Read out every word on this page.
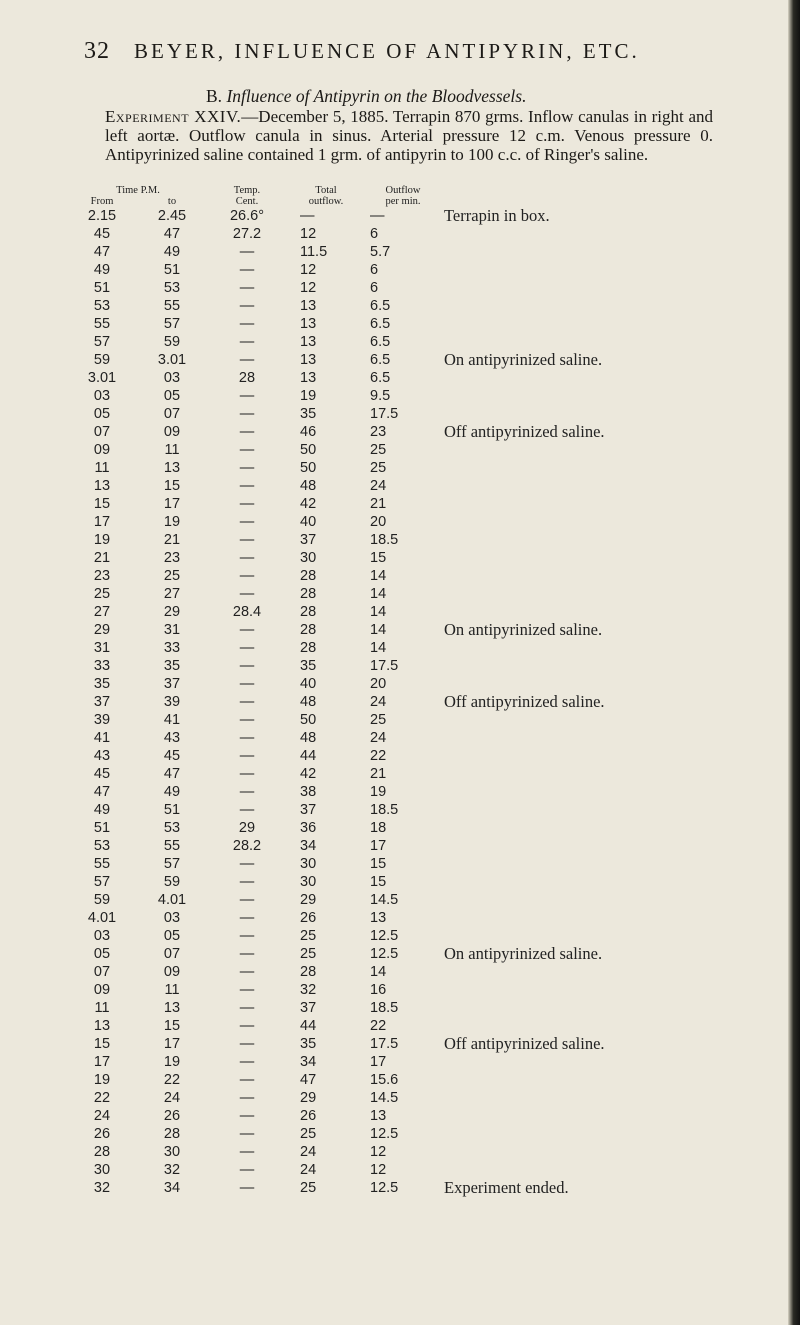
32 BEYER, INFLUENCE OF ANTIPYRIN, ETC.
B. Influence of Antipyrin on the Bloodvessels.
Experiment XXIV.—December 5, 1885. Terrapin 870 grms. Inflow canulas in right and left aortæ. Outflow canula in sinus. Arterial pressure 12 c.m. Venous pressure 0. Antipyrinized saline contained 1 grm. of antipyrin to 100 c.c. of Ringer's saline.
Time P.M.		Temp.	Total	Outflow	
From	to	Cent.	outflow.	per min.	
2.15	2.45	26.6°	—	—	Terrapin in box.
45	47	27.2	12	6	
47	49	—	11.5	5.7	
49	51	—	12	6	
51	53	—	12	6	
53	55	—	13	6.5	
55	57	—	13	6.5	
57	59	—	13	6.5	
59	3.01	—	13	6.5	On antipyrinized saline.
3.01	03	28	13	6.5	
03	05	—	19	9.5	
05	07	—	35	17.5	
07	09	—	46	23	Off antipyrinized saline.
09	11	—	50	25	
11	13	—	50	25	
13	15	—	48	24	
15	17	—	42	21	
17	19	—	40	20	
19	21	—	37	18.5	
21	23	—	30	15	
23	25	—	28	14	
25	27	—	28	14	
27	29	28.4	28	14	
29	31	—	28	14	On antipyrinized saline.
31	33	—	28	14	
33	35	—	35	17.5	
35	37	—	40	20	
37	39	—	48	24	Off antipyrinized saline.
39	41	—	50	25	
41	43	—	48	24	
43	45	—	44	22	
45	47	—	42	21	
47	49	—	38	19	
49	51	—	37	18.5	
51	53	29	36	18	
53	55	28.2	34	17	
55	57	—	30	15	
57	59	—	30	15	
59	4.01	—	29	14.5	
4.01	03	—	26	13	
03	05	—	25	12.5	
05	07	—	25	12.5	On antipyrinized saline.
07	09	—	28	14	
09	11	—	32	16	
11	13	—	37	18.5	
13	15	—	44	22	
15	17	—	35	17.5	Off antipyrinized saline.
17	19	—	34	17	
19	22	—	47	15.6	
22	24	—	29	14.5	
24	26	—	26	13	
26	28	—	25	12.5	
28	30	—	24	12	
30	32	—	24	12	
32	34	—	25	12.5	Experiment ended.
